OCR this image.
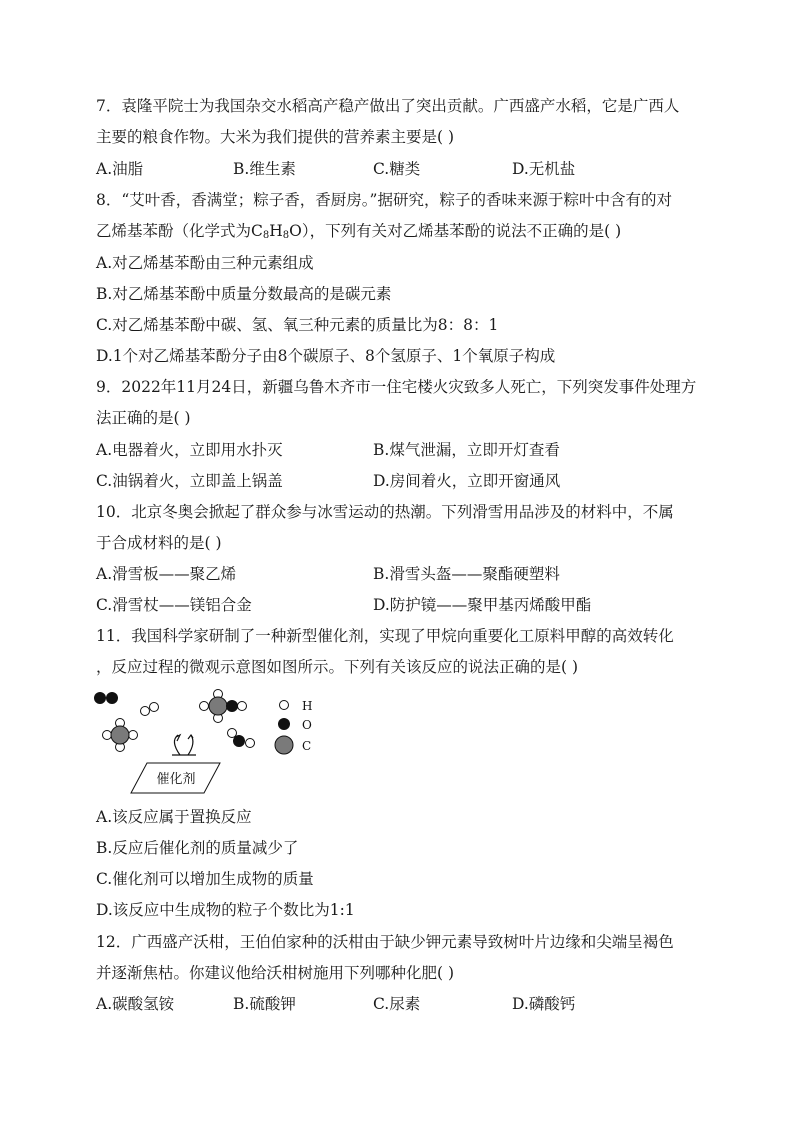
7．袁隆平院士为我国杂交水稻高产稳产做出了突出贡献。广西盛产水稻，它是广西人
主要的粮食作物。大米为我们提供的营养素主要是( )
A.油脂	B.维生素	C.糖类	D.无机盐
8．“艾叶香，香满堂；粽子香，香厨房。”据研究，粽子的香味来源于粽叶中含有的对
乙烯基苯酚（化学式为$C_8H_8O$），下列有关对乙烯基苯酚的说法不正确的是( )
A.对乙烯基苯酚由三种元素组成
B.对乙烯基苯酚中质量分数最高的是碳元素
C.对乙烯基苯酚中碳、氢、氧三种元素的质量比为8：8：1
D.1个对乙烯基苯酚分子由8个碳原子、8个氢原子、1个氧原子构成
9．2022年11月24日，新疆乌鲁木齐市一住宅楼火灾致多人死亡，下列突发事件处理方
法正确的是( )
A.电器着火，立即用水扑灭	B.煤气泄漏，立即开灯查看
C.油锅着火，立即盖上锅盖	D.房间着火，立即开窗通风
10．北京冬奥会掀起了群众参与冰雪运动的热潮。下列滑雪用品涉及的材料中，不属
于合成材料的是( )
A.滑雪板——聚乙烯	B.滑雪头盔——聚酯硬塑料
C.滑雪杖——镁铝合金	D.防护镜——聚甲基丙烯酸甲酯
11．我国科学家研制了一种新型催化剂，实现了甲烷向重要化工原料甲醇的高效转化
，反应过程的微观示意图如图所示。下列有关该反应的说法正确的是( )
催化剂
H
O
C
A.该反应属于置换反应
B.反应后催化剂的质量减少了
C.催化剂可以增加生成物的质量
D.该反应中生成物的粒子个数比为1:1
12．广西盛产沃柑，王伯伯家种的沃柑由于缺少钾元素导致树叶片边缘和尖端呈褐色
并逐渐焦枯。你建议他给沃柑树施用下列哪种化肥( )
A.碳酸氢铵	B.硫酸钾	C.尿素	D.磷酸钙
